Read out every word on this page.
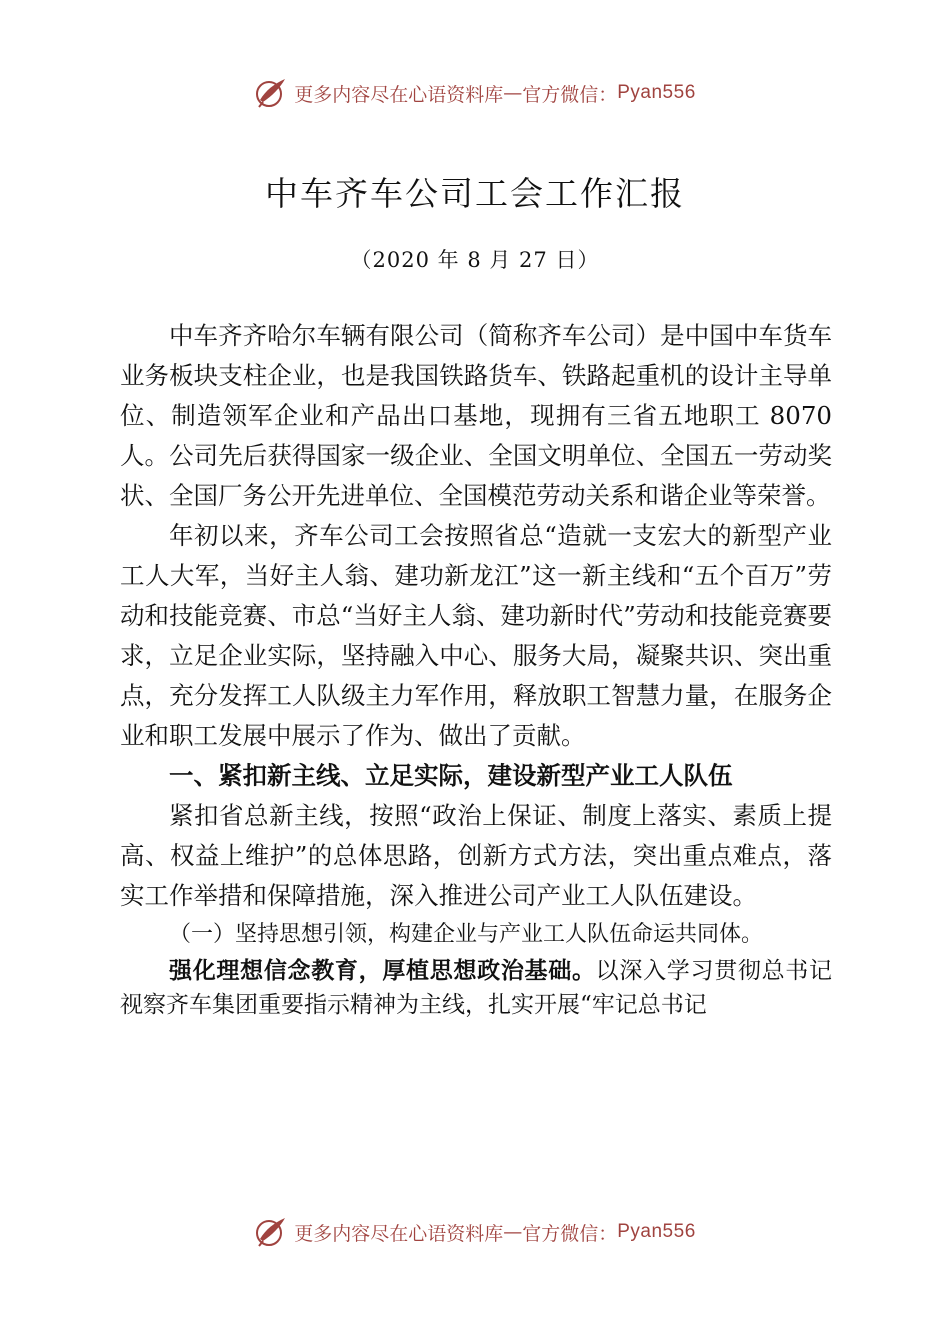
更多内容尽在心语资料库 — 官方微信： Pyan556
中车齐车公司工会工作汇报
（2020 年 8 月 27 日）

中车齐齐哈尔车辆有限公司（简称齐车公司）是中国中车货车业务板块支柱企业，也是我国铁路货车、铁路起重机的设计主导单位、制造领军企业和产品出口基地，现拥有三省五地职工 8070 人。公司先后获得国家一级企业、全国文明单位、全国五一劳动奖状、全国厂务公开先进单位、全国模范劳动关系和谐企业等荣誉。

年初以来，齐车公司工会按照省总“造就一支宏大的新型产业工人大军，当好主人翁、建功新龙江”这一新主线和“五个百万”劳动和技能竞赛、市总“当好主人翁、建功新时代”劳动和技能竞赛要求，立足企业实际，坚持融入中心、服务大局，凝聚共识、突出重点，充分发挥工人队级主力军作用，释放职工智慧力量，在服务企业和职工发展中展示了作为、做出了贡献。

一、紧扣新主线、立足实际，建设新型产业工人队伍

紧扣省总新主线，按照“政治上保证、制度上落实、素质上提高、权益上维护”的总体思路，创新方式方法，突出重点难点，落实工作举措和保障措施，深入推进公司产业工人队伍建设。

（一）坚持思想引领，构建企业与产业工人队伍命运共同体。

强化理想信念教育，厚植思想政治基础。以深入学习贯彻总书记视察齐车集团重要指示精神为主线，扎实开展“牢记总书记

更多内容尽在心语资料库 — 官方微信： Pyan556
